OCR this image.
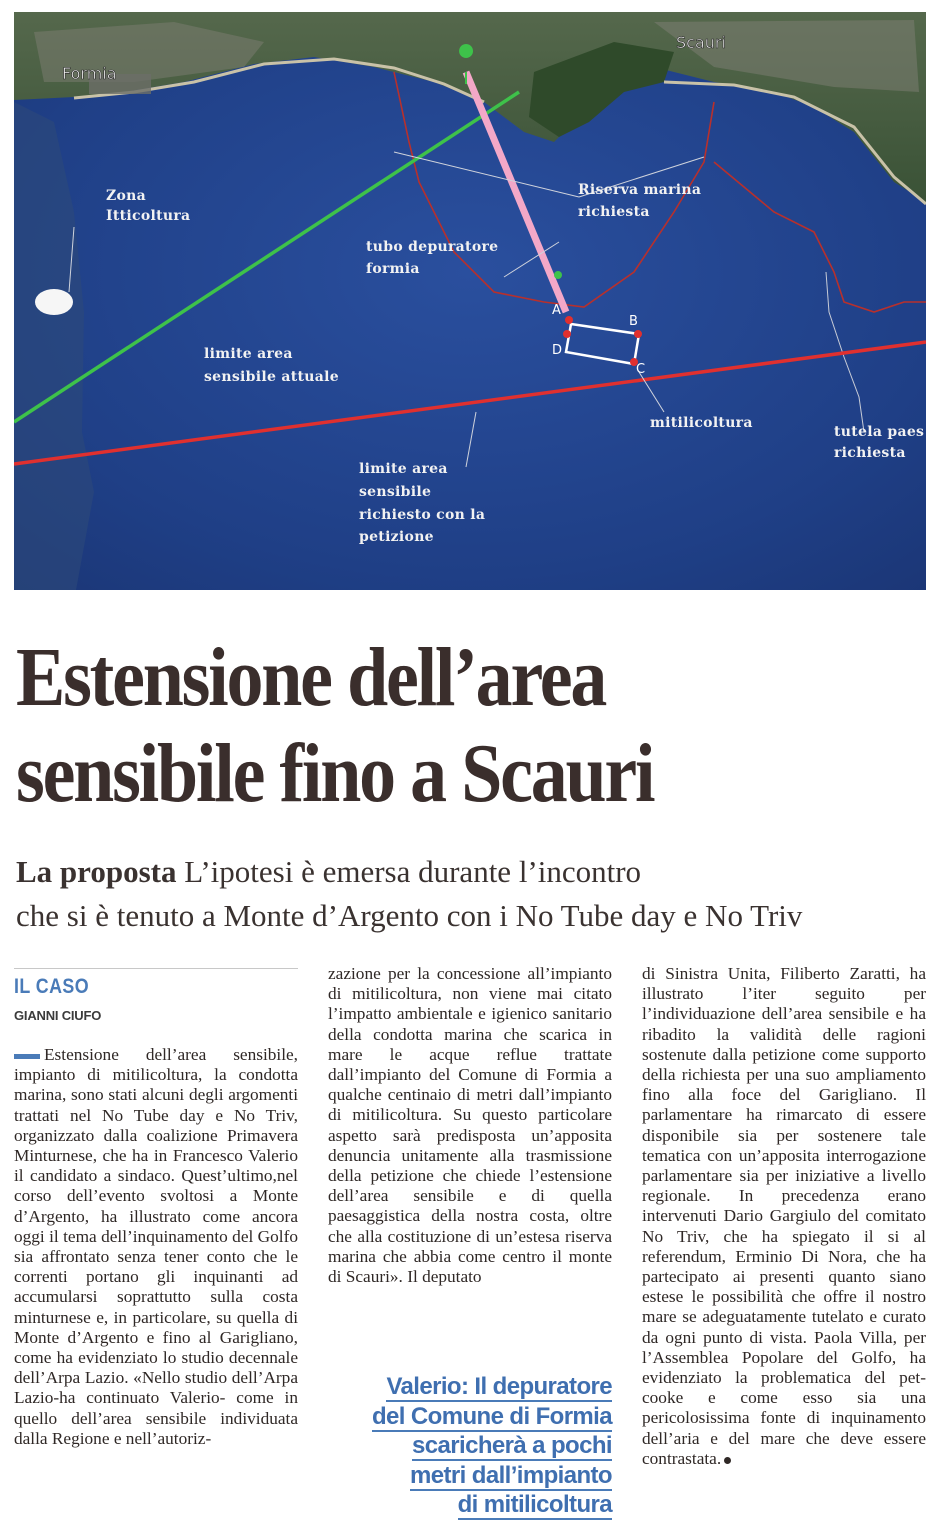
Formia
Scauri
Zona
Itticoltura
tubo depuratore
formia
Riserva marina
richiesta
limite area
sensibile attuale
mitilicoltura
tutela paes
richiesta
limite area
sensibile
richiesto con la
petizione
A
B
C
D
Estensione dell’area
sensibile fino a Scauri

La proposta L’ipotesi è emersa durante l’incontro
che si è tenuto a Monte d’Argento con i No Tube day e No Triv

IL CASO
GIANNI CIUFO

Estensione dell’area sensibile, impianto di mitilicoltura, la condotta marina, sono stati alcuni degli argomenti trattati nel No Tube day e No Triv, organizzato dalla coalizione Primavera Minturnese, che ha in Francesco Valerio il candidato a sindaco. Quest’ultimo,nel corso dell’evento svoltosi a Monte d’Argento, ha illustrato come ancora oggi il tema dell’inquinamento del Golfo sia affrontato senza tener conto che le correnti portano gli inquinanti ad accumularsi soprattutto sulla costa minturnese e, in particolare, su quella di Monte d’Argento e fino al Garigliano, come ha evidenziato lo studio decennale dell’Arpa Lazio. «Nello studio dell’Arpa Lazio-ha continuato Valerio- come in quello dell’area sensibile individuata dalla Regione e nell’autoriz-

zazione per la concessione all’impianto di mitilicoltura, non viene mai citato l’impatto ambientale e igienico sanitario della condotta marina che scarica in mare le acque reflue trattate dall’impianto del Comune di Formia a qualche centinaio di metri dall’impianto di mitilicoltura. Su questo particolare aspetto sarà predisposta un’apposita denuncia unitamente alla trasmissione della petizione che chiede l’estensione dell’area sensibile e di quella paesaggistica della nostra costa, oltre che alla costituzione di un’estesa riserva marina che abbia come centro il monte di Scauri». Il deputato

Valerio: Il depuratore
del Comune di Formia
scaricherà a pochi
metri dall’impianto
di mitilicoltura

di Sinistra Unita, Filiberto Zaratti, ha illustrato l’iter seguito per l’individuazione dell’area sensibile e ha ribadito la validità delle ragioni sostenute dalla petizione come supporto della richiesta per una suo ampliamento fino alla foce del Garigliano. Il parlamentare ha rimarcato di essere disponibile sia per sostenere tale tematica con un’apposita interrogazione parlamentare sia per iniziative a livello regionale. In precedenza erano intervenuti Dario Gargiulo del comitato No Triv, che ha spiegato il si al referendum, Erminio Di Nora, che ha partecipato ai presenti quanto siano estese le possibilità che offre il nostro mare se adeguatamente tutelato e curato da ogni punto di vista. Paola Villa, per l’Assemblea Popolare del Golfo, ha evidenziato la problematica del pet-cooke e come esso sia una pericolosissima fonte di inquinamento dell’aria e del mare che deve essere contrastata.
